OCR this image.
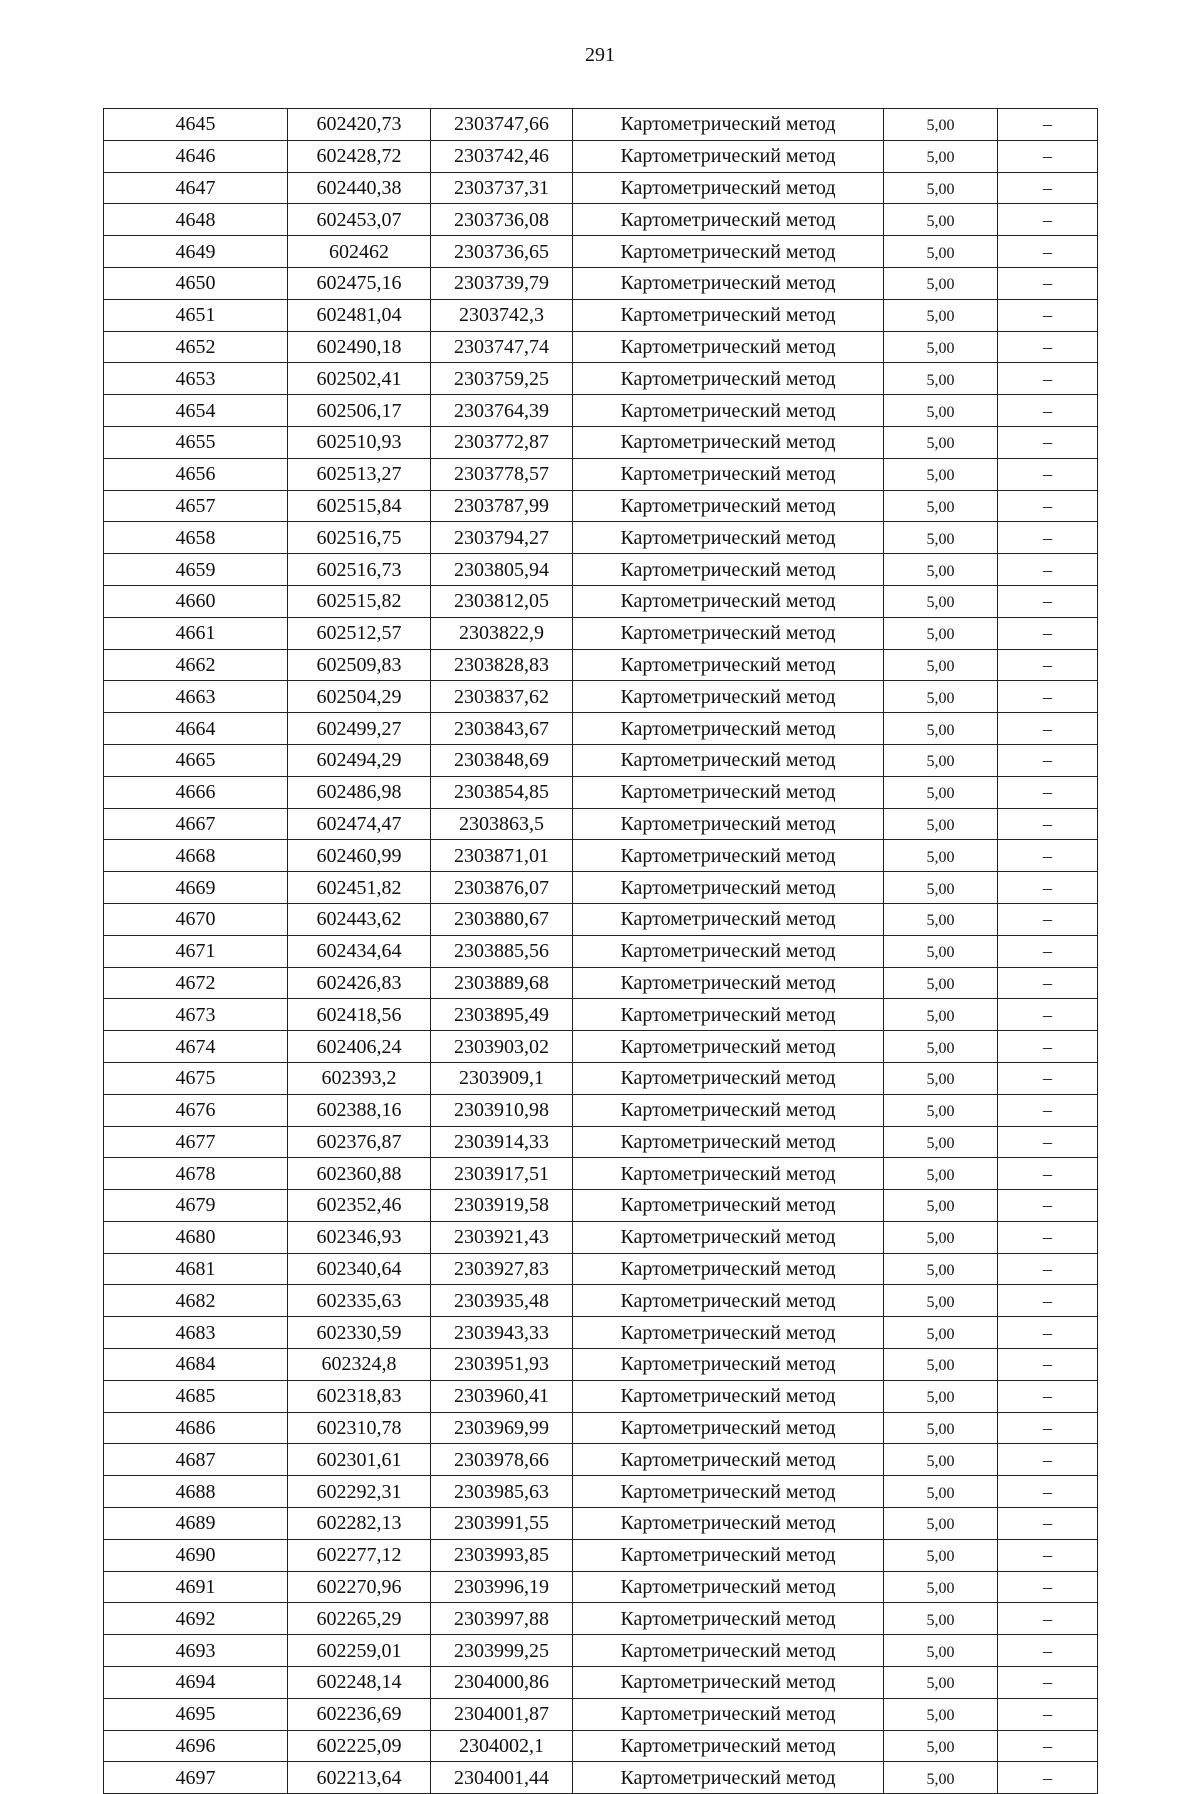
291
4645	602420,73	2303747,66	Картометрический метод	5,00	–
4646	602428,72	2303742,46	Картометрический метод	5,00	–
4647	602440,38	2303737,31	Картометрический метод	5,00	–
4648	602453,07	2303736,08	Картометрический метод	5,00	–
4649	602462	2303736,65	Картометрический метод	5,00	–
4650	602475,16	2303739,79	Картометрический метод	5,00	–
4651	602481,04	2303742,3	Картометрический метод	5,00	–
4652	602490,18	2303747,74	Картометрический метод	5,00	–
4653	602502,41	2303759,25	Картометрический метод	5,00	–
4654	602506,17	2303764,39	Картометрический метод	5,00	–
4655	602510,93	2303772,87	Картометрический метод	5,00	–
4656	602513,27	2303778,57	Картометрический метод	5,00	–
4657	602515,84	2303787,99	Картометрический метод	5,00	–
4658	602516,75	2303794,27	Картометрический метод	5,00	–
4659	602516,73	2303805,94	Картометрический метод	5,00	–
4660	602515,82	2303812,05	Картометрический метод	5,00	–
4661	602512,57	2303822,9	Картометрический метод	5,00	–
4662	602509,83	2303828,83	Картометрический метод	5,00	–
4663	602504,29	2303837,62	Картометрический метод	5,00	–
4664	602499,27	2303843,67	Картометрический метод	5,00	–
4665	602494,29	2303848,69	Картометрический метод	5,00	–
4666	602486,98	2303854,85	Картометрический метод	5,00	–
4667	602474,47	2303863,5	Картометрический метод	5,00	–
4668	602460,99	2303871,01	Картометрический метод	5,00	–
4669	602451,82	2303876,07	Картометрический метод	5,00	–
4670	602443,62	2303880,67	Картометрический метод	5,00	–
4671	602434,64	2303885,56	Картометрический метод	5,00	–
4672	602426,83	2303889,68	Картометрический метод	5,00	–
4673	602418,56	2303895,49	Картометрический метод	5,00	–
4674	602406,24	2303903,02	Картометрический метод	5,00	–
4675	602393,2	2303909,1	Картометрический метод	5,00	–
4676	602388,16	2303910,98	Картометрический метод	5,00	–
4677	602376,87	2303914,33	Картометрический метод	5,00	–
4678	602360,88	2303917,51	Картометрический метод	5,00	–
4679	602352,46	2303919,58	Картометрический метод	5,00	–
4680	602346,93	2303921,43	Картометрический метод	5,00	–
4681	602340,64	2303927,83	Картометрический метод	5,00	–
4682	602335,63	2303935,48	Картометрический метод	5,00	–
4683	602330,59	2303943,33	Картометрический метод	5,00	–
4684	602324,8	2303951,93	Картометрический метод	5,00	–
4685	602318,83	2303960,41	Картометрический метод	5,00	–
4686	602310,78	2303969,99	Картометрический метод	5,00	–
4687	602301,61	2303978,66	Картометрический метод	5,00	–
4688	602292,31	2303985,63	Картометрический метод	5,00	–
4689	602282,13	2303991,55	Картометрический метод	5,00	–
4690	602277,12	2303993,85	Картометрический метод	5,00	–
4691	602270,96	2303996,19	Картометрический метод	5,00	–
4692	602265,29	2303997,88	Картометрический метод	5,00	–
4693	602259,01	2303999,25	Картометрический метод	5,00	–
4694	602248,14	2304000,86	Картометрический метод	5,00	–
4695	602236,69	2304001,87	Картометрический метод	5,00	–
4696	602225,09	2304002,1	Картометрический метод	5,00	–
4697	602213,64	2304001,44	Картометрический метод	5,00	–
